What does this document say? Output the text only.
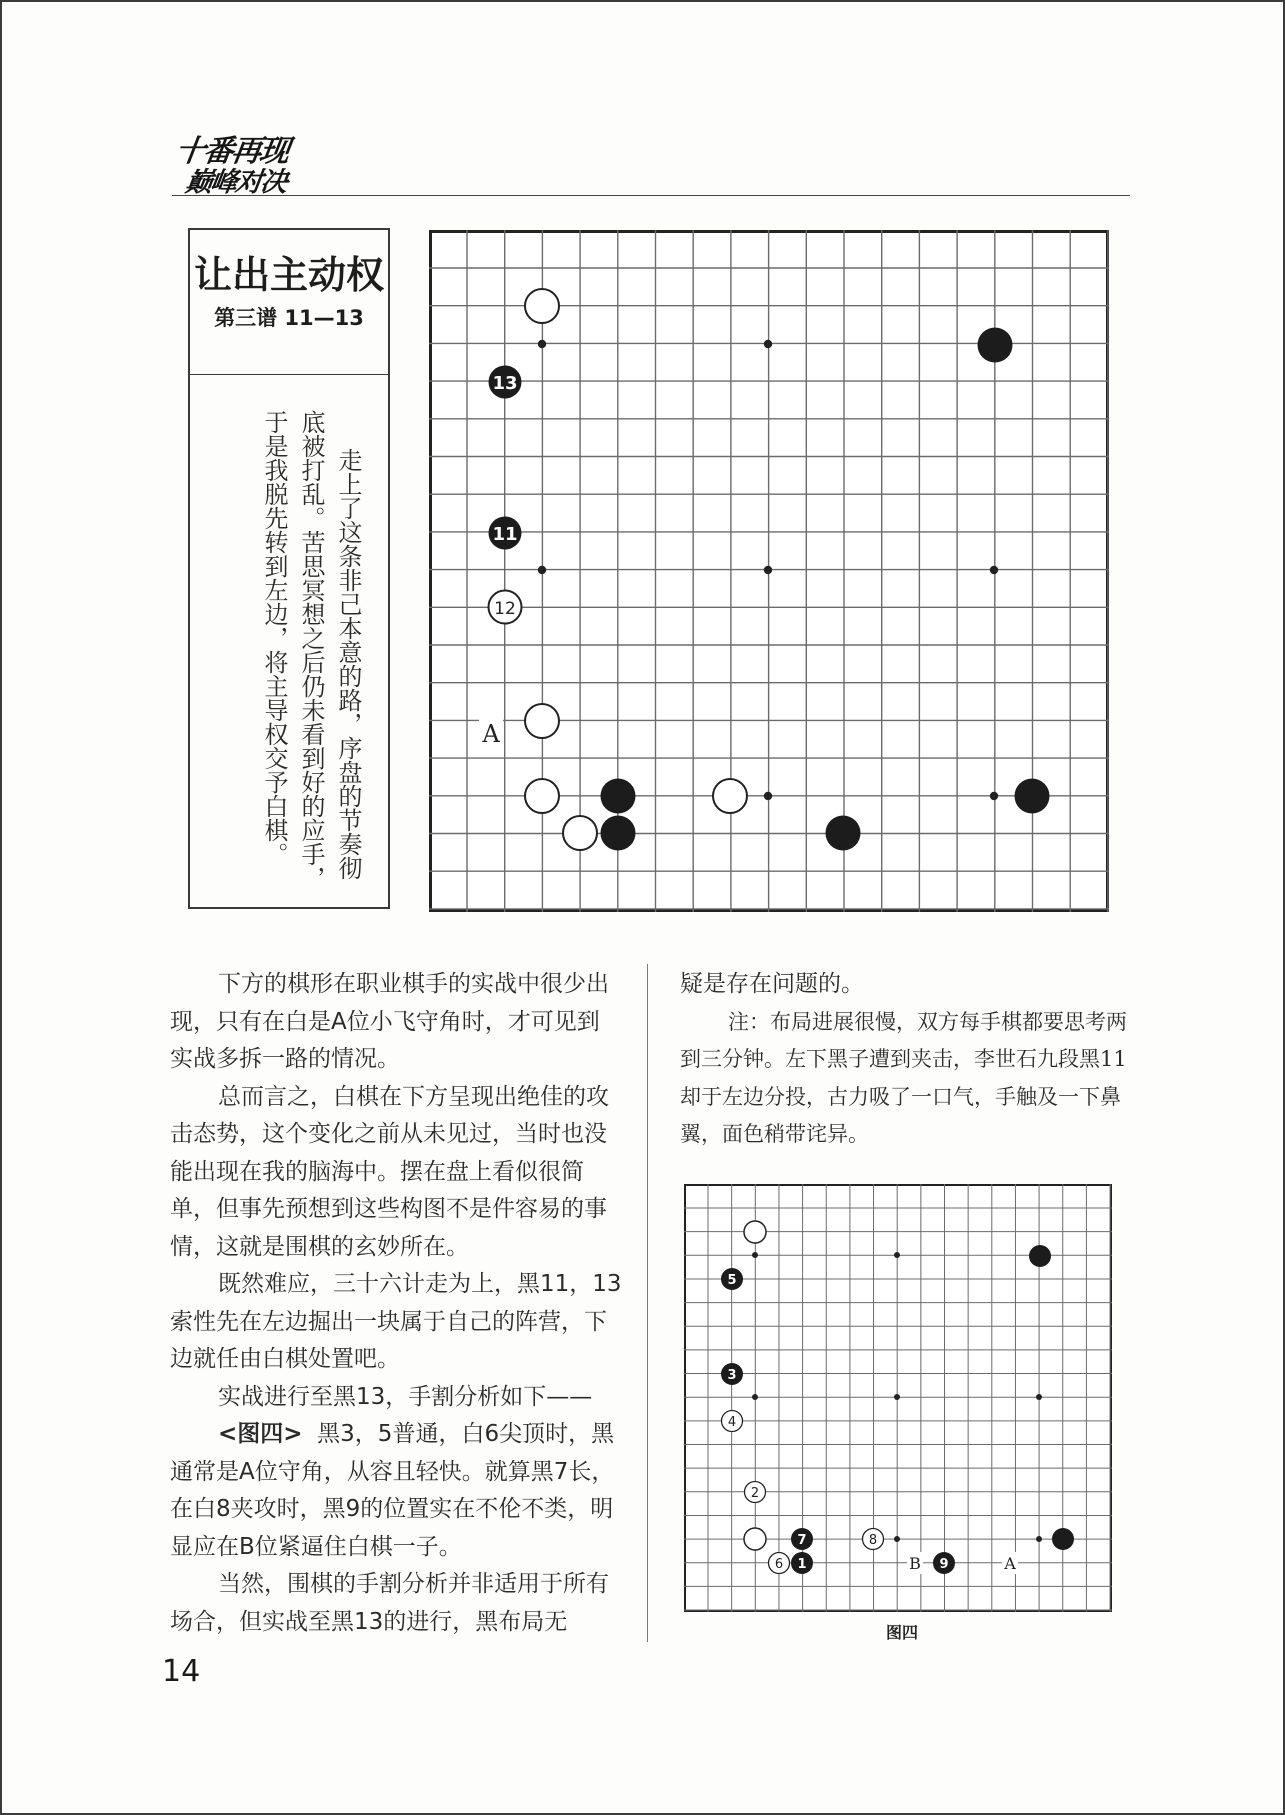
十番再现
巅峰对决
让出主动权
第三谱 11—13
走上了这条非己本意的路，序盘的节奏彻底被打乱。苦思冥想之后仍未看到好的应手，于是我脱先转到左边，将主导权交予白棋。
13
11
12
A

下方的棋形在职业棋手的实战中很少出现，只有在白是A位小飞守角时，才可见到实战多拆一路的情况。

总而言之，白棋在下方呈现出绝佳的攻击态势，这个变化之前从未见过，当时也没能出现在我的脑海中。摆在盘上看似很简单，但事先预想到这些构图不是件容易的事情，这就是围棋的玄妙所在。

既然难应，三十六计走为上，黑11，13索性先在左边掘出一块属于自己的阵营，下边就任由白棋处置吧。

实战进行至黑13，手割分析如下——

<图四> 黑3，5普通，白6尖顶时，黑通常是A位守角，从容且轻快。就算黑7长，在白8夹攻时，黑9的位置实在不伦不类，明显应在B位紧逼住白棋一子。

当然，围棋的手割分析并非适用于所有场合，但实战至黑13的进行，黑布局无

疑是存在问题的。

注：布局进展很慢，双方每手棋都要思考两到三分钟。左下黑子遭到夹击，李世石九段黑11却于左边分投，古力吸了一口气，手触及一下鼻翼，面色稍带诧异。

5
3
4
2
7
6 1
8
B 9	A
图四
14
